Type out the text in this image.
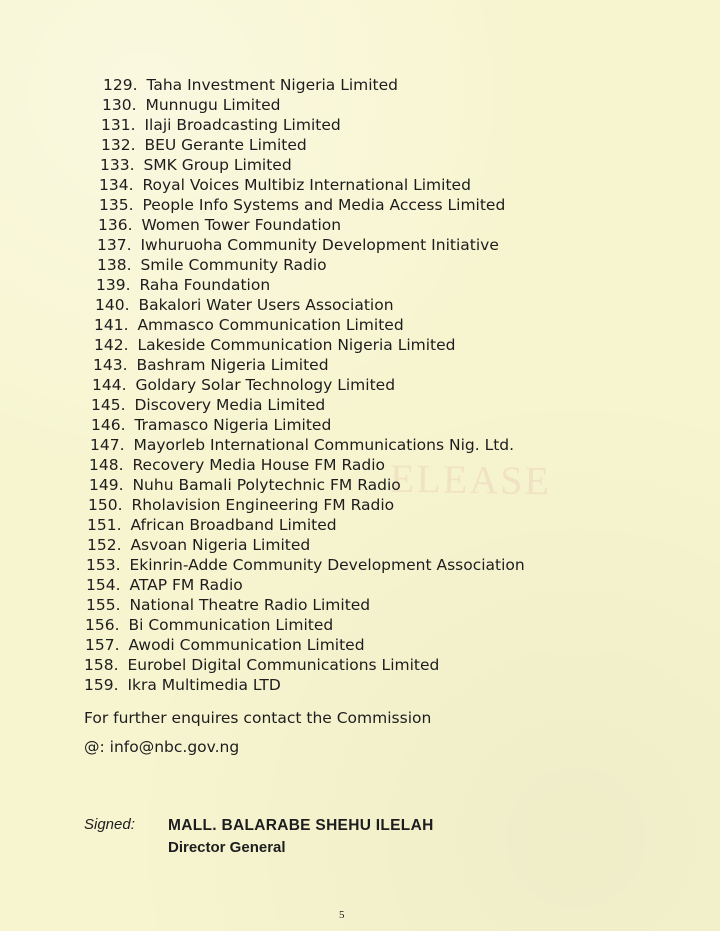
ELEASE
129. Taha Investment Nigeria Limited
130. Munnugu Limited
131. Ilaji Broadcasting Limited
132. BEU Gerante Limited
133. SMK Group Limited
134. Royal Voices Multibiz International Limited
135. People Info Systems and Media Access Limited
136. Women Tower Foundation
137. Iwhuruoha Community Development Initiative
138. Smile Community Radio
139. Raha Foundation
140. Bakalori Water Users Association
141. Ammasco Communication Limited
142. Lakeside Communication Nigeria Limited
143. Bashram Nigeria Limited
144. Goldary Solar Technology Limited
145. Discovery Media Limited
146. Tramasco Nigeria Limited
147. Mayorleb International Communications Nig. Ltd.
148. Recovery Media House FM Radio
149. Nuhu Bamali Polytechnic FM Radio
150. Rholavision Engineering FM Radio
151. African Broadband Limited
152. Asvoan Nigeria Limited
153. Ekinrin-Adde Community Development Association
154. ATAP FM Radio
155. National Theatre Radio Limited
156. Bi Communication Limited
157. Awodi Communication Limited
158. Eurobel Digital Communications Limited
159. Ikra Multimedia LTD
For further enquires contact the Commission
@: info@nbc.gov.ng
Signed: MALL. BALARABE SHEHU ILELAH
Director General
5
